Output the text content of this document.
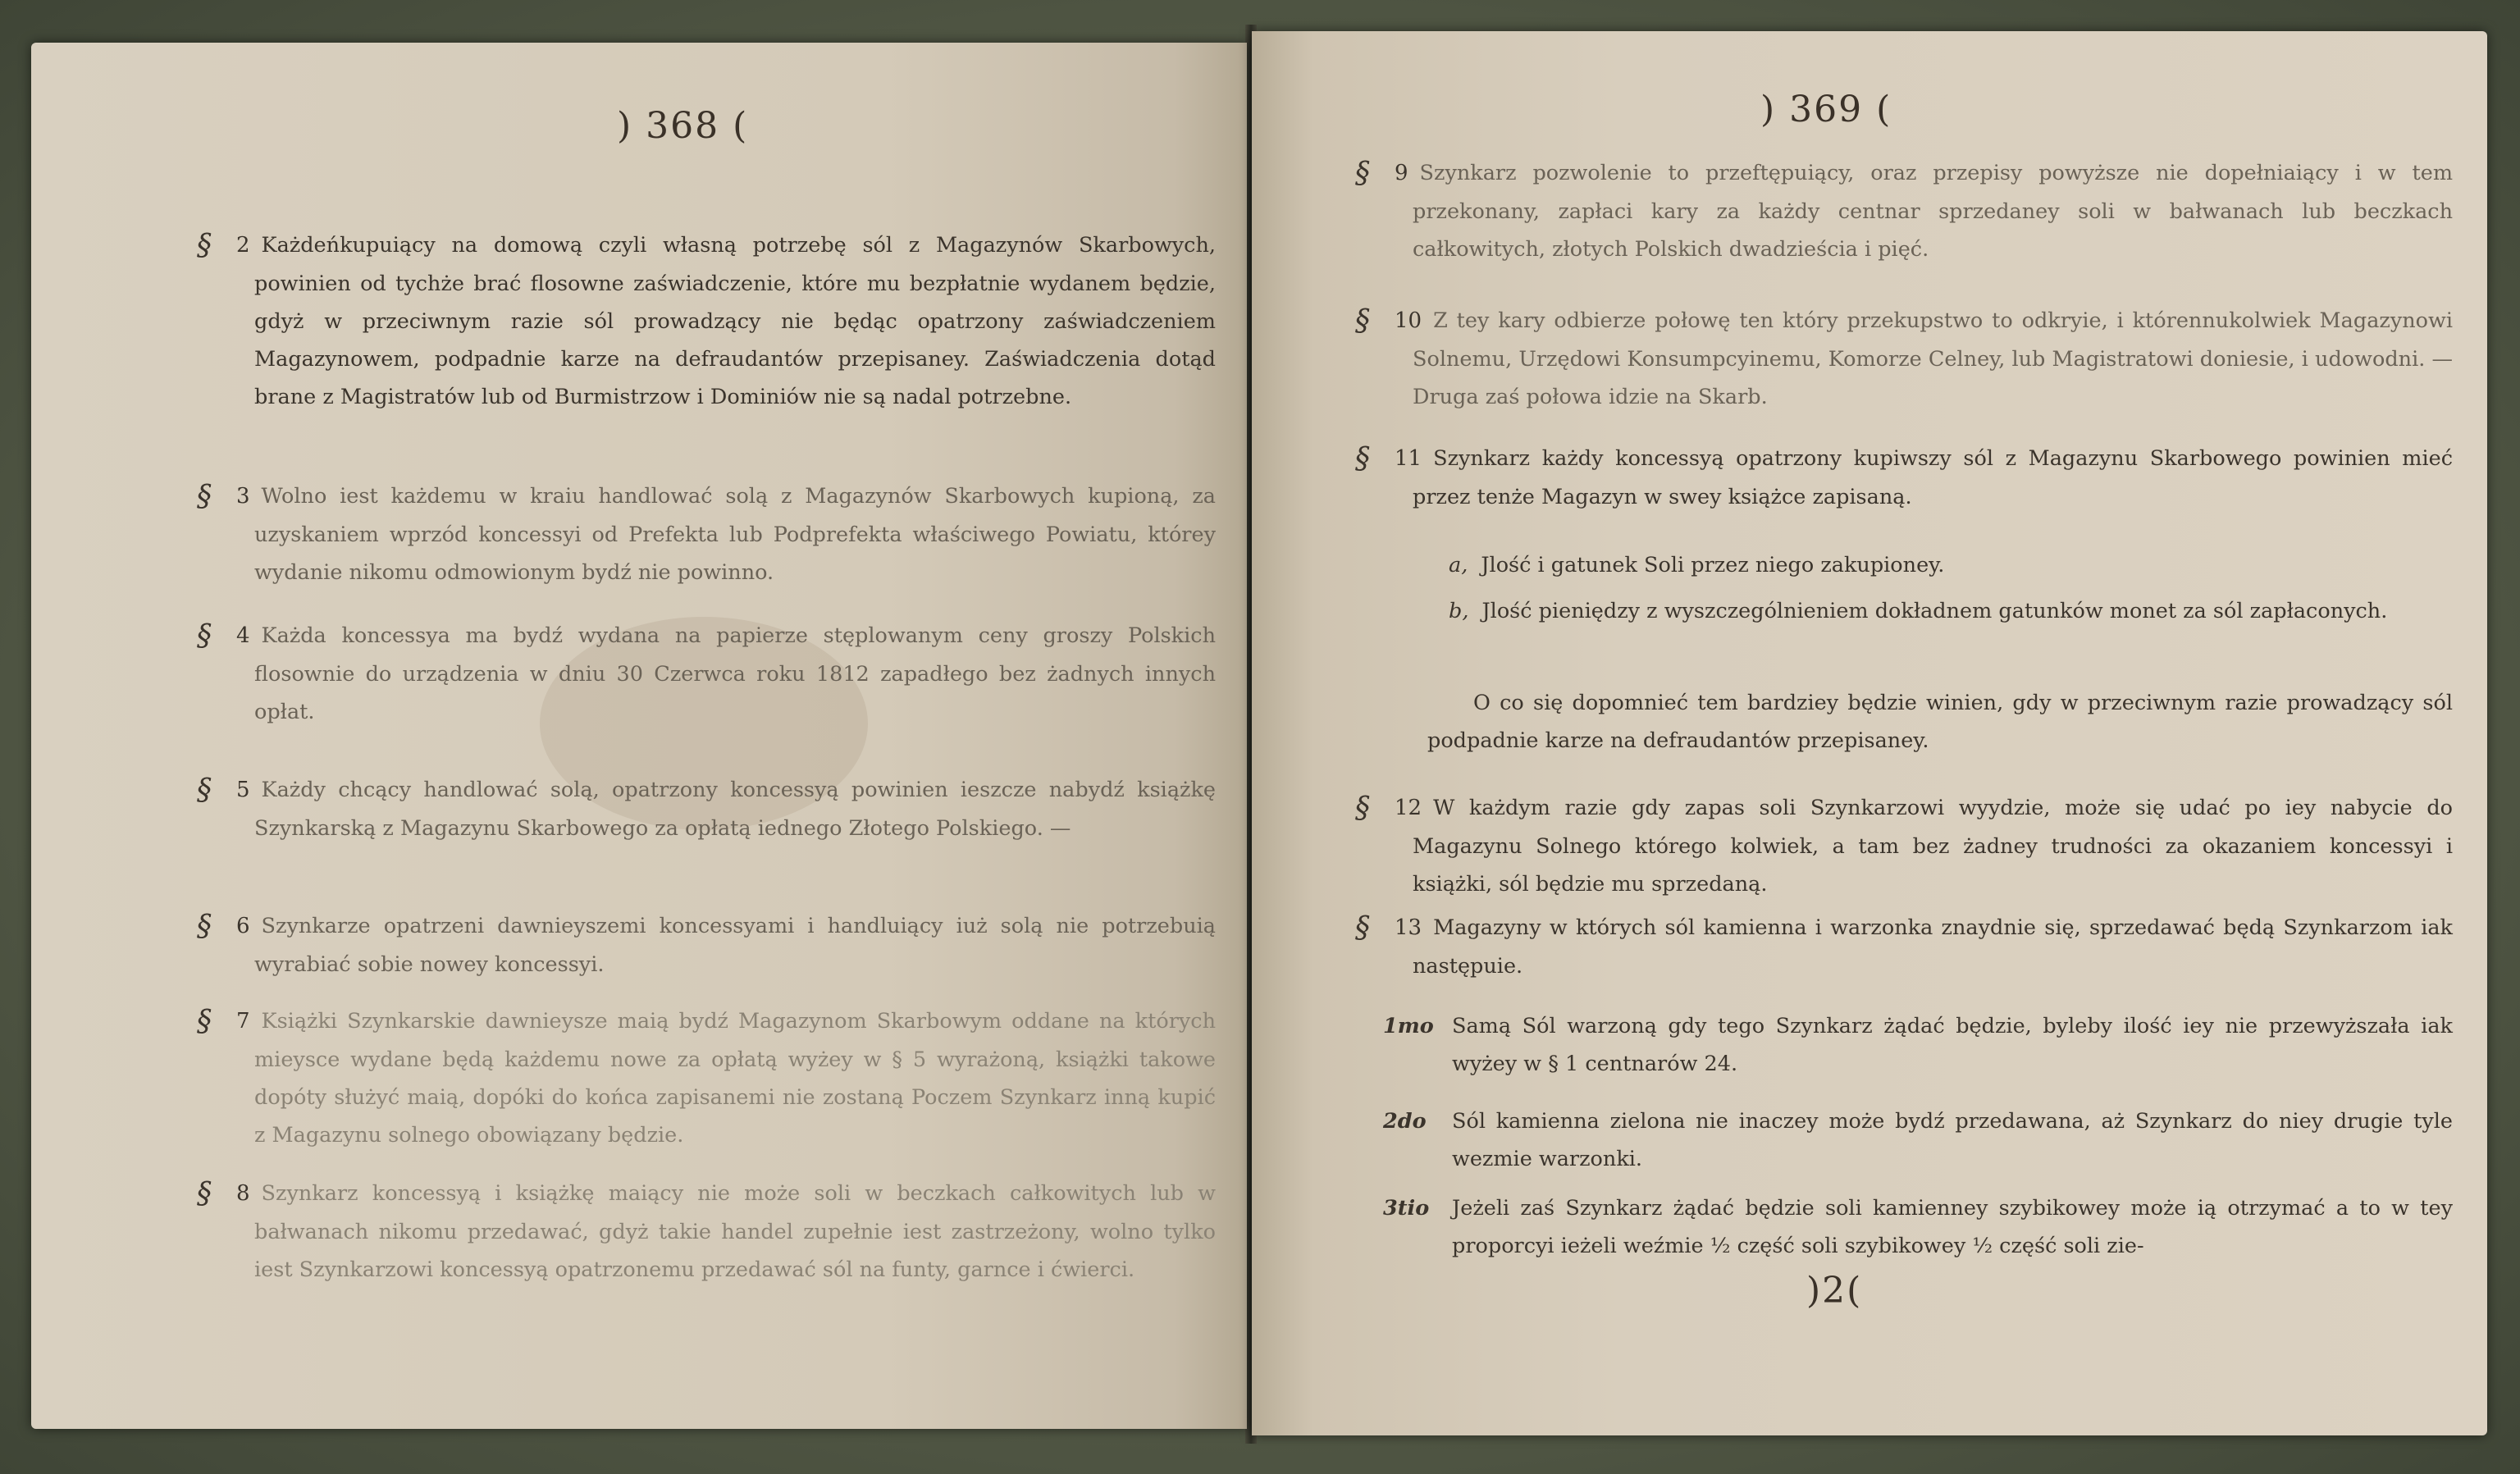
) 368 (
§ 2 Każdeńkupuiący na domową czyli własną potrzebę sól z Magazynów Skarbowych, powinien od tychże brać flosowne zaświadczenie, które mu bezpłatnie wydanem będzie, gdyż w przeciwnym razie sól prowadzący nie będąc opatrzony zaświadczeniem Magazynowem, podpadnie karze na defraudantów przepisaney. Zaświadczenia dotąd brane z Magistratów lub od Burmistrzow i Dominiów nie są nadal potrzebne.
§ 3 Wolno iest każdemu w kraiu handlować solą z Magazynów Skarbowych kupioną, za uzyskaniem wprzód koncessyi od Prefekta lub Podprefekta właściwego Powiatu, którey wydanie nikomu odmowionym bydź nie powinno.
§ 4 Każda koncessya ma bydź wydana na papierze stęplowanym ceny groszy Polskich flosownie do urządzenia w dniu 30 Czerwca roku 1812 zapadłego bez żadnych innych opłat.
§ 5 Każdy chcący handlować solą, opatrzony koncessyą powinien ieszcze nabydź książkę Szynkarską z Magazynu Skarbowego za opłatą iednego Złotego Polskiego. —
§ 6 Szynkarze opatrzeni dawnieyszemi koncessyami i handluiący iuż solą nie potrzebuią wyrabiać sobie nowey koncessyi.
§ 7 Książki Szynkarskie dawnieysze maią bydź Magazynom Skarbowym oddane na których mieysce wydane będą każdemu nowe za opłatą wyżey w § 5 wyrażoną, książki takowe dopóty służyć maią, dopóki do końca zapisanemi nie zostaną Poczem Szynkarz inną kupić z Magazynu solnego obowiązany będzie.
§ 8 Szynkarz koncessyą i książkę maiący nie może soli w beczkach całkowitych lub w bałwanach nikomu przedawać, gdyż takie handel zupełnie iest zastrzeżony, wolno tylko iest Szynkarzowi koncessyą opatrzonemu przedawać sól na funty, garnce i ćwierci.
) 369 (
§ 9 Szynkarz pozwolenie to przeftępuiący, oraz przepisy powyższe nie dopełniaiący i w tem przekonany, zapłaci kary za każdy centnar sprzedaney soli w bałwanach lub beczkach całkowitych, złotych Polskich dwadzieścia i pięć.
§ 10 Z tey kary odbierze połowę ten który przekupstwo to odkryie, i którennukolwiek Magazynowi Solnemu, Urzędowi Konsumpcyinemu, Komorze Celney, lub Magistratowi doniesie, i udowodni. — Druga zaś połowa idzie na Skarb.
§ 11 Szynkarz każdy koncessyą opatrzony kupiwszy sól z Magazynu Skarbowego powinien mieć przez tenże Magazyn w swey książce zapisaną.
a, Jlość i gatunek Soli przez niego zakupioney.
b, Jlość pieniędzy z wyszczególnieniem dokładnem gatunków monet za sól zapłaconych.
O co się dopomnieć tem bardziey będzie winien, gdy w przeciwnym razie prowadzący sól podpadnie karze na defraudantów przepisaney.
§ 12 W każdym razie gdy zapas soli Szynkarzowi wyydzie, może się udać po iey nabycie do Magazynu Solnego którego kolwiek, a tam bez żadney trudności za okazaniem koncessyi i książki, sól będzie mu sprzedaną.
§ 13 Magazyny w których sól kamienna i warzonka znaydnie się, sprzedawać będą Szynkarzom iak następuie.
1mo Samą Sól warzoną gdy tego Szynkarz żądać będzie, byleby ilość iey nie przewyższała iak wyżey w § 1 centnarów 24.
2do Sól kamienna zielona nie inaczey może bydź przedawana, aż Szynkarz do niey drugie tyle wezmie warzonki.
3tio Jeżeli zaś Szynkarz żądać będzie soli kamienney szybikowey może ią otrzymać a to w tey proporcyi ieżeli weźmie ½ część soli szybikowey ½ część soli zie-
)2(
